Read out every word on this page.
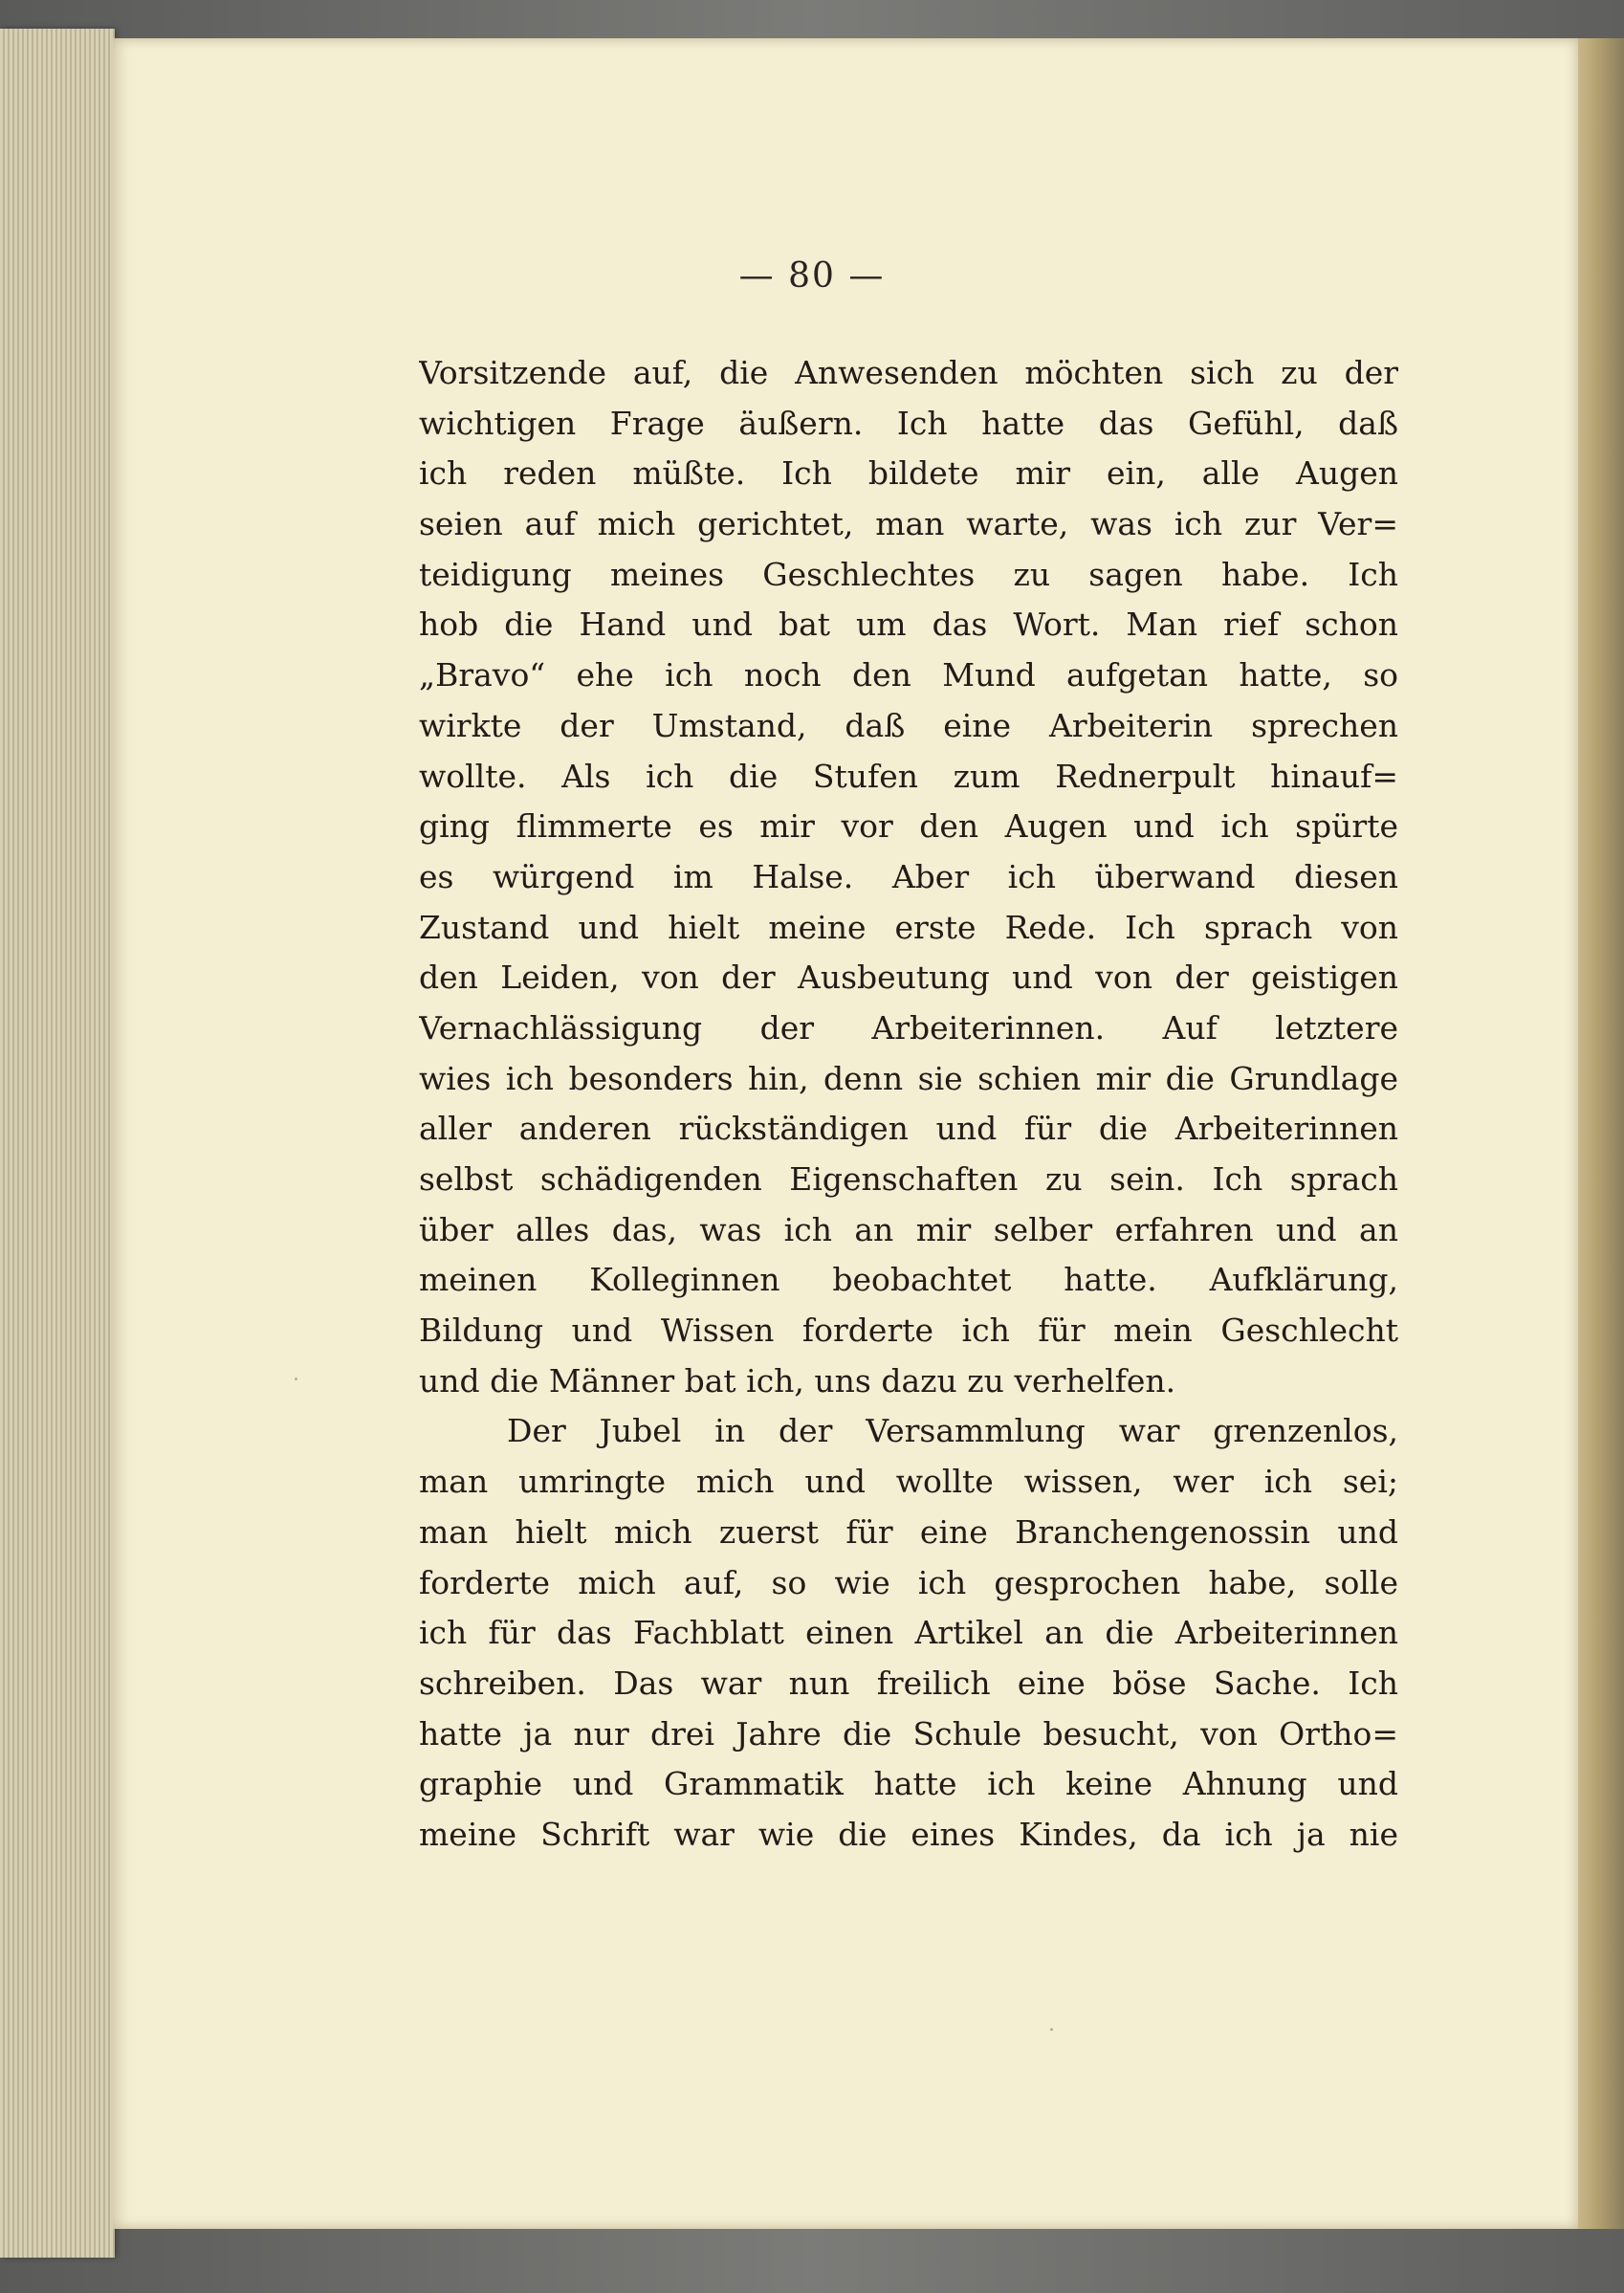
— 80 —
Vorsitzende auf, die Anwesenden möchten sich zu der
wichtigen Frage äußern. Ich hatte das Gefühl, daß
ich reden müßte. Ich bildete mir ein, alle Augen
seien auf mich gerichtet, man warte, was ich zur Ver=
teidigung meines Geschlechtes zu sagen habe. Ich
hob die Hand und bat um das Wort. Man rief schon
„Bravo“ ehe ich noch den Mund aufgetan hatte, so
wirkte der Umstand, daß eine Arbeiterin sprechen
wollte. Als ich die Stufen zum Rednerpult hinauf=
ging flimmerte es mir vor den Augen und ich spürte
es würgend im Halse. Aber ich überwand diesen
Zustand und hielt meine erste Rede. Ich sprach von
den Leiden, von der Ausbeutung und von der geistigen
Vernachlässigung der Arbeiterinnen. Auf letztere
wies ich besonders hin, denn sie schien mir die Grundlage
aller anderen rückständigen und für die Arbeiterinnen
selbst schädigenden Eigenschaften zu sein. Ich sprach
über alles das, was ich an mir selber erfahren und an
meinen Kolleginnen beobachtet hatte. Aufklärung,
Bildung und Wissen forderte ich für mein Geschlecht
und die Männer bat ich, uns dazu zu verhelfen.
Der Jubel in der Versammlung war grenzenlos,
man umringte mich und wollte wissen, wer ich sei;
man hielt mich zuerst für eine Branchengenossin und
forderte mich auf, so wie ich gesprochen habe, solle
ich für das Fachblatt einen Artikel an die Arbeiterinnen
schreiben. Das war nun freilich eine böse Sache. Ich
hatte ja nur drei Jahre die Schule besucht, von Ortho=
graphie und Grammatik hatte ich keine Ahnung und
meine Schrift war wie die eines Kindes, da ich ja nie
